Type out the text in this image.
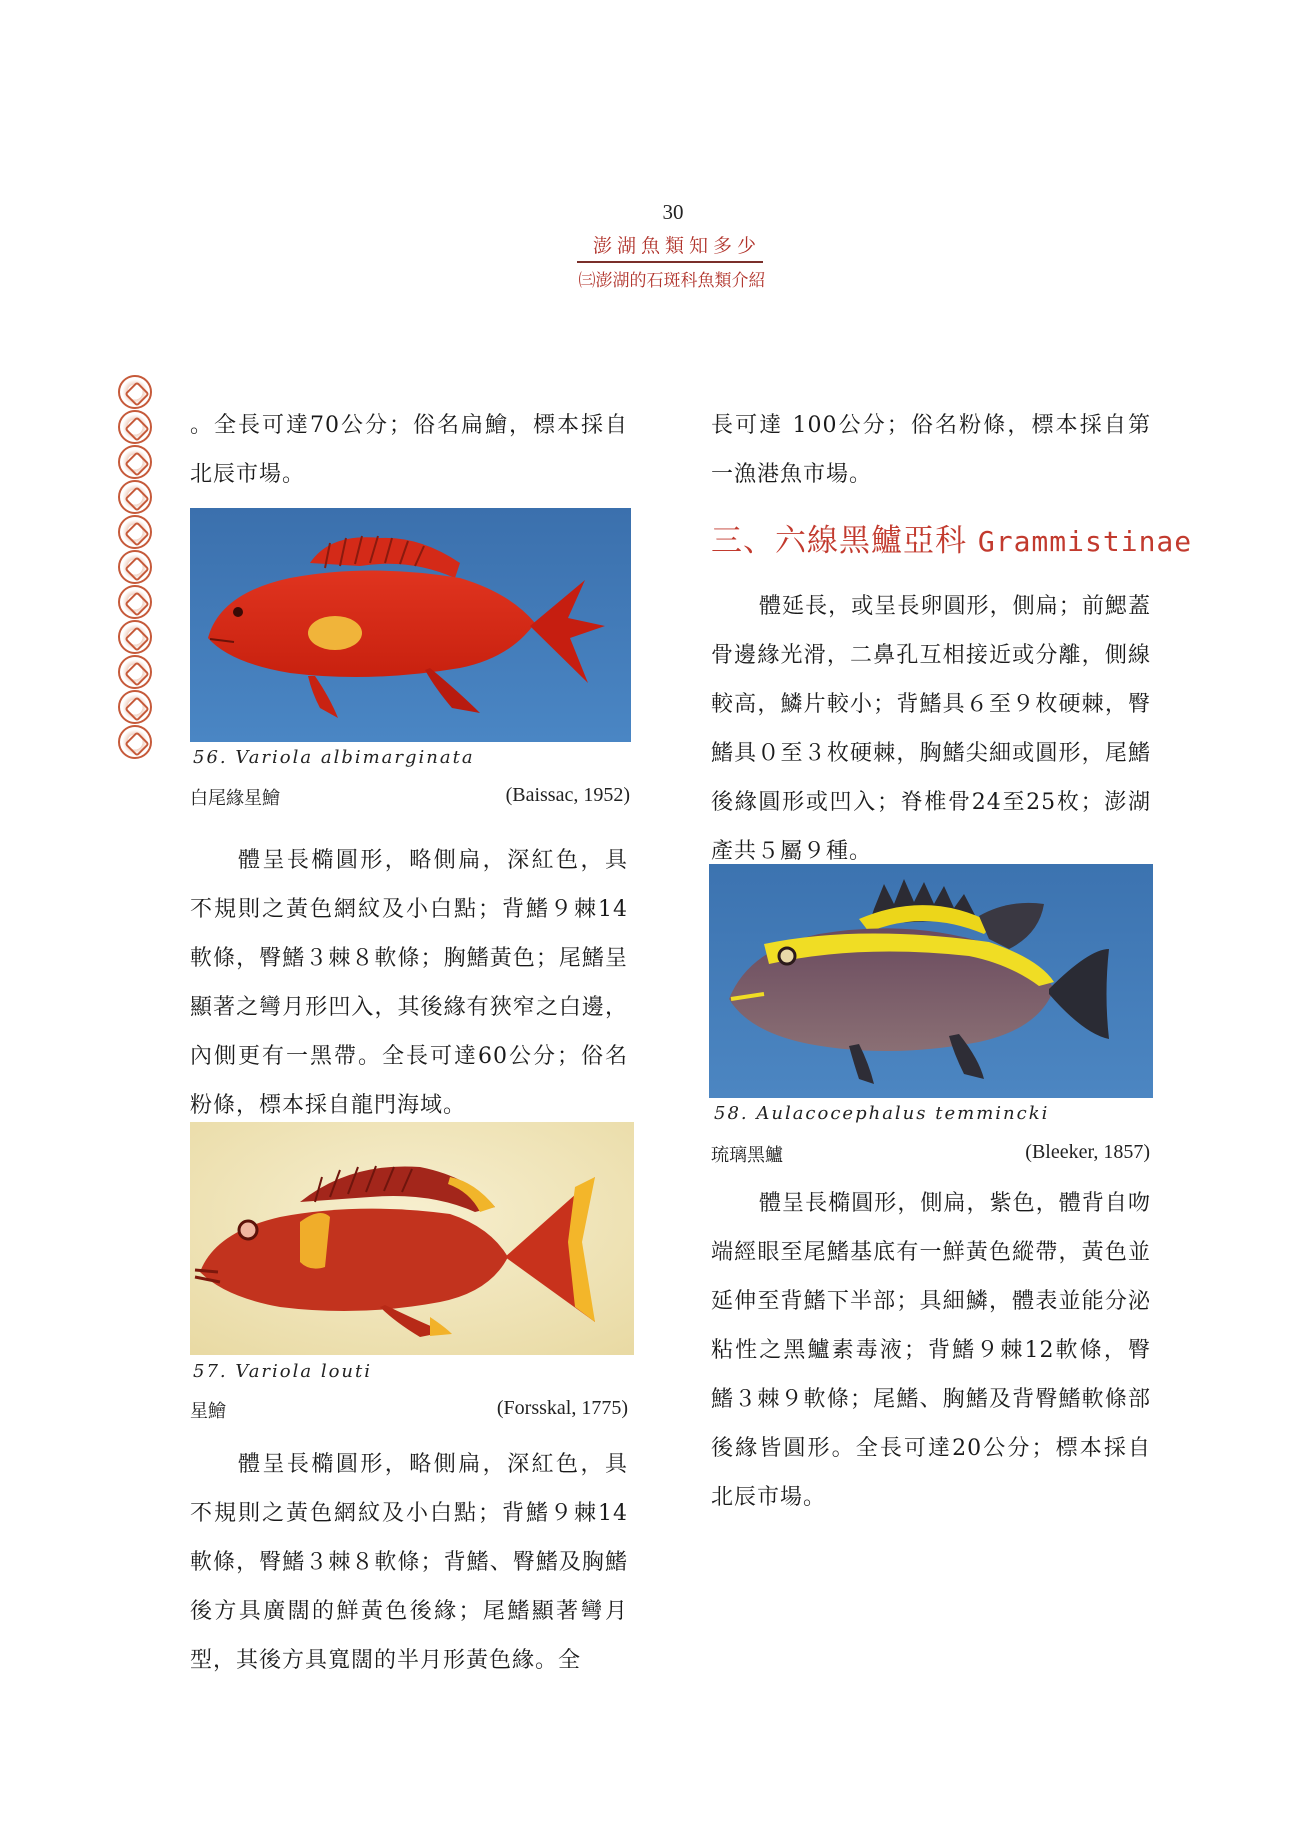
30
澎湖魚類知多少
㈢澎湖的石斑科魚類介紹

。全長可達70公分；俗名扁鱠，標本採自北辰市場。

56. Variola albimarginata
白尾緣星鱠	(Baissac, 1952)

體呈長橢圓形，略側扁，深紅色，具不規則之黃色網紋及小白點；背鰭９棘14軟條，臀鰭３棘８軟條；胸鰭黃色；尾鰭呈顯著之彎月形凹入，其後緣有狹窄之白邊，內側更有一黑帶。全長可達60公分；俗名粉條，標本採自龍門海域。

57. Variola louti
星鱠	(Forsskal, 1775)

體呈長橢圓形，略側扁，深紅色，具不規則之黃色網紋及小白點；背鰭９棘14軟條，臀鰭３棘８軟條；背鰭、臀鰭及胸鰭後方具廣闊的鮮黃色後緣；尾鰭顯著彎月型，其後方具寬闊的半月形黃色緣。全

長可達 100公分；俗名粉條，標本採自第一漁港魚市場。

三、六線黑鱸亞科 Grammistinae

體延長，或呈長卵圓形，側扁；前鰓蓋骨邊緣光滑，二鼻孔互相接近或分離，側線較高，鱗片較小；背鰭具６至９枚硬棘，臀鰭具０至３枚硬棘，胸鰭尖細或圓形，尾鰭後緣圓形或凹入；脊椎骨24至25枚；澎湖產共５屬９種。

58. Aulacocephalus temmincki
琉璃黑鱸	(Bleeker, 1857)

體呈長橢圓形，側扁，紫色，體背自吻端經眼至尾鰭基底有一鮮黃色縱帶，黃色並延伸至背鰭下半部；具細鱗，體表並能分泌粘性之黑鱸素毒液；背鰭９棘12軟條，臀鰭３棘９軟條；尾鰭、胸鰭及背臀鰭軟條部後緣皆圓形。全長可達20公分；標本採自北辰市場。
